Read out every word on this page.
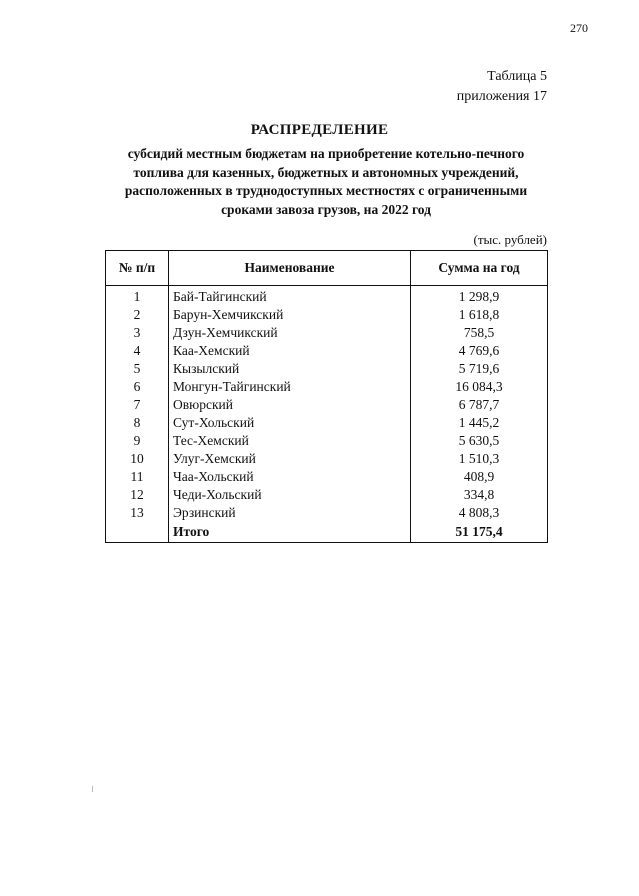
270
Таблица 5
приложения 17
РАСПРЕДЕЛЕНИЕ
субсидий местным бюджетам на приобретение котельно-печного
топлива для казенных, бюджетных и автономных учреждений,
расположенных в труднодоступных местностях с ограниченными
сроками завоза грузов, на 2022 год
(тыс. рублей)
№ п/п	Наименование	Сумма на год
1	Бай-Тайгинский	1 298,9
2	Барун-Хемчикский	1 618,8
3	Дзун-Хемчикский	758,5
4	Каа-Хемский	4 769,6
5	Кызылский	5 719,6
6	Монгун-Тайгинский	16 084,3
7	Овюрский	6 787,7
8	Сут-Хольский	1 445,2
9	Тес-Хемский	5 630,5
10	Улуг-Хемский	1 510,3
11	Чаа-Хольский	408,9
12	Чеди-Хольский	334,8
13	Эрзинский	4 808,3
	Итого	51 175,4
